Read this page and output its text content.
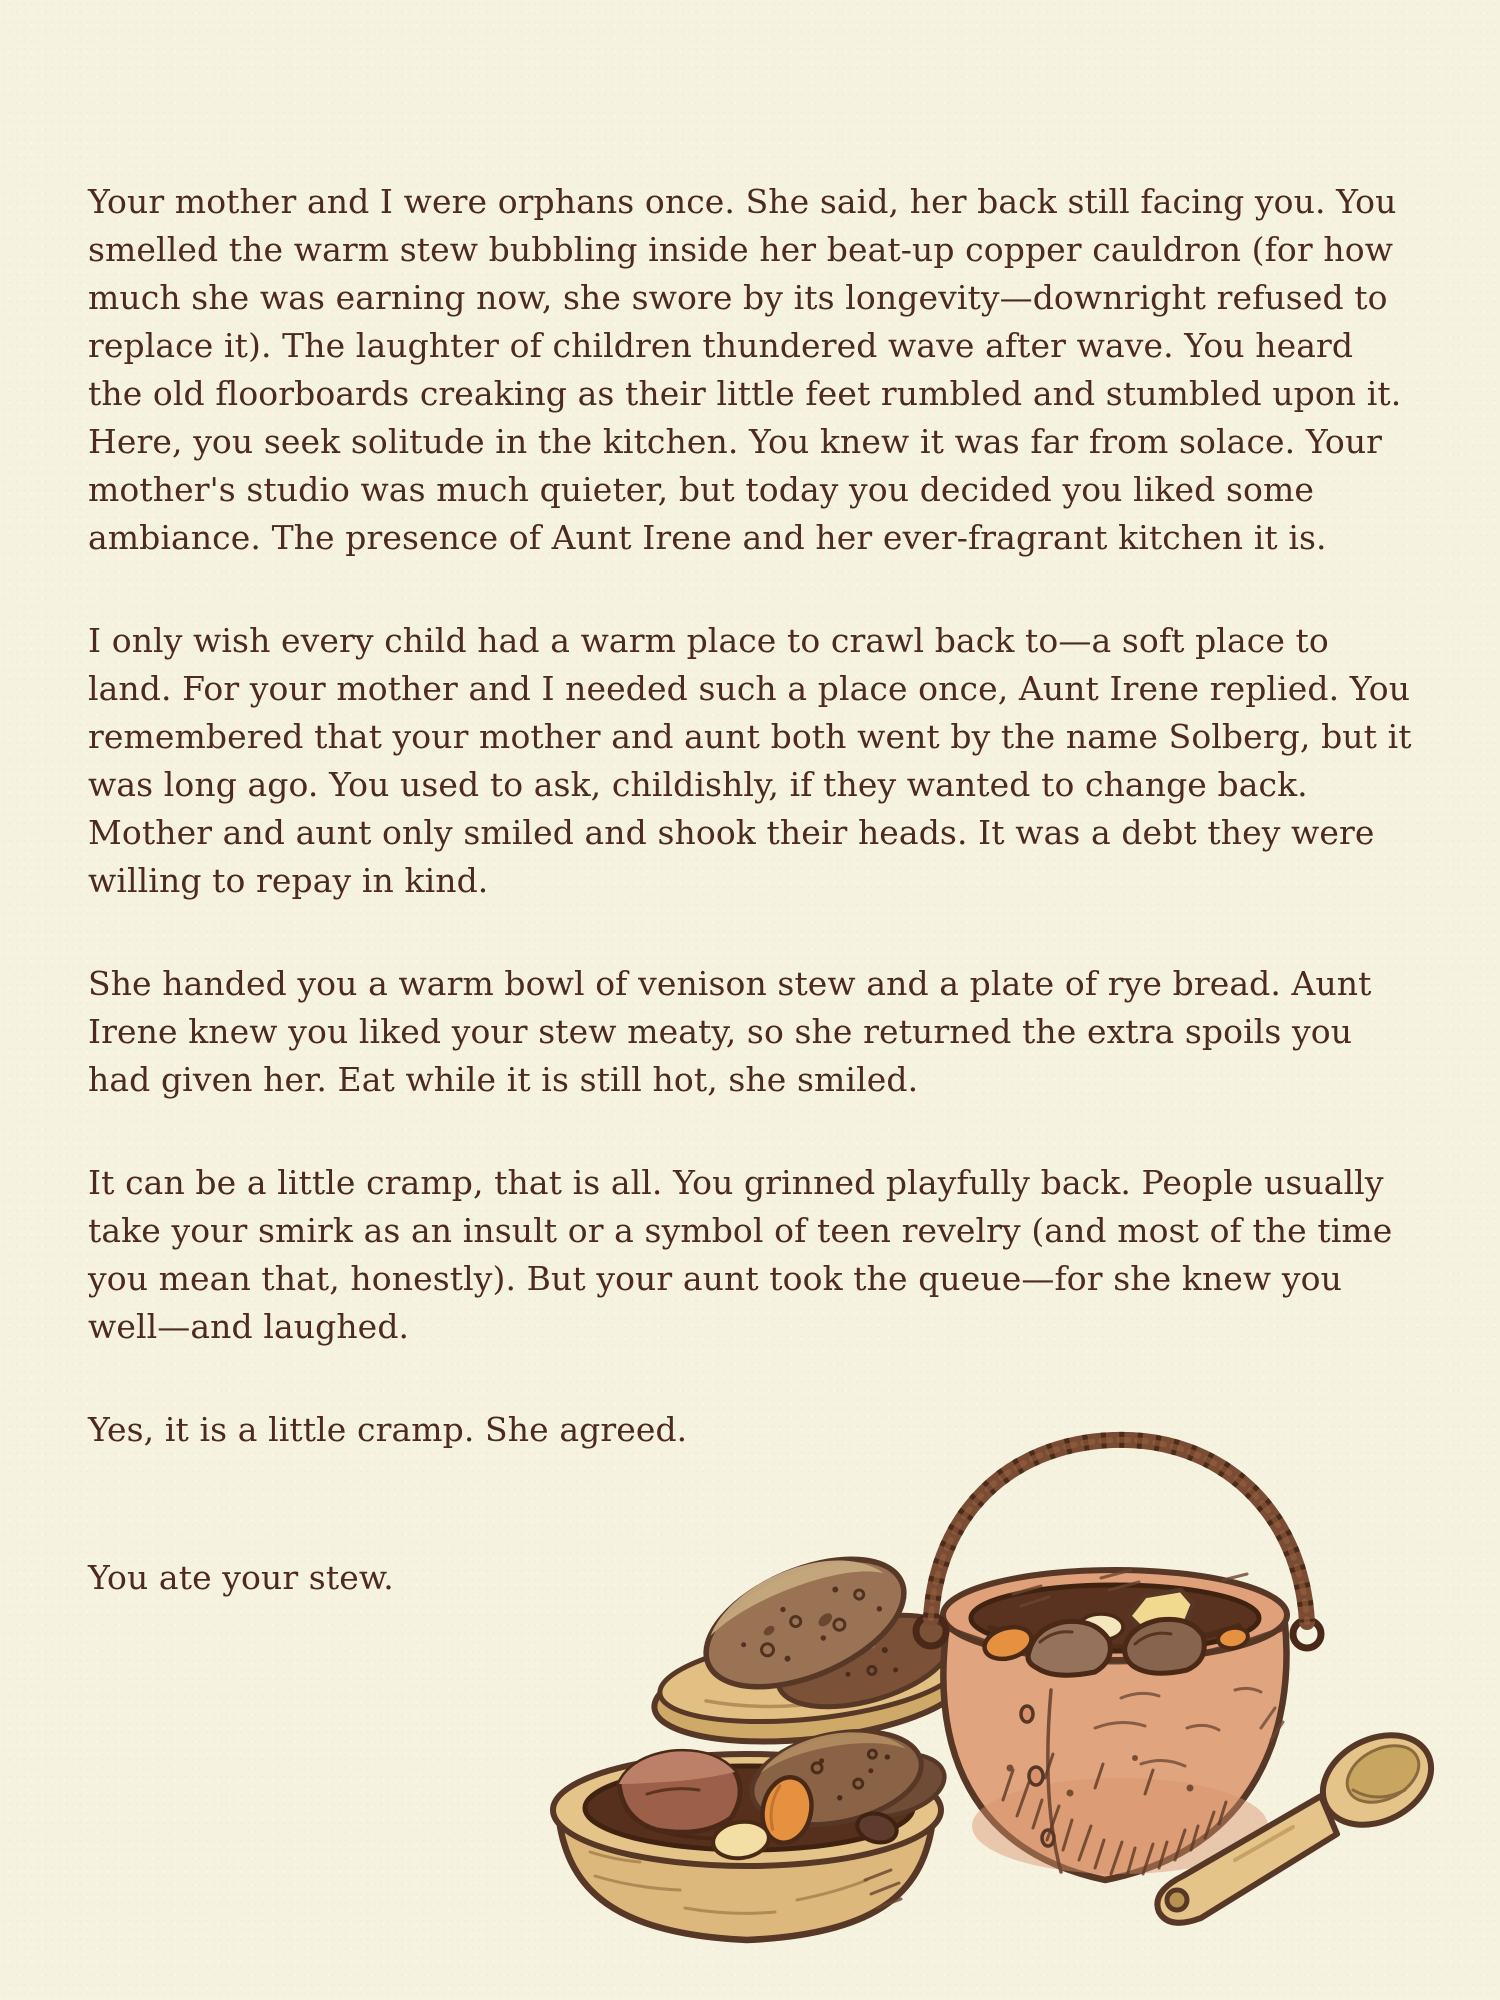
Your mother and I were orphans once. She said, her back still facing you. You smelled the warm stew bubbling inside her beat-up copper cauldron (for how much she was earning now, she swore by its longevity—downright refused to replace it). The laughter of children thundered wave after wave. You heard the old floorboards creaking as their little feet rumbled and stumbled upon it.

Here, you seek solitude in the kitchen. You knew it was far from solace. Your mother's studio was much quieter, but today you decided you liked some ambiance. The presence of Aunt Irene and her ever-fragrant kitchen it is.

I only wish every child had a warm place to crawl back to—a soft place to land. For your mother and I needed such a place once, Aunt Irene replied. You remembered that your mother and aunt both went by the name Solberg, but it was long ago. You used to ask, childishly, if they wanted to change back. Mother and aunt only smiled and shook their heads. It was a debt they were willing to repay in kind.

She handed you a warm bowl of venison stew and a plate of rye bread. Aunt Irene knew you liked your stew meaty, so she returned the extra spoils you had given her. Eat while it is still hot, she smiled.

It can be a little cramp, that is all. You grinned playfully back. People usually take your smirk as an insult or a symbol of teen revelry (and most of the time you mean that, honestly). But your aunt took the queue—for she knew you well—and laughed.

Yes, it is a little cramp. She agreed.

You ate your stew.
